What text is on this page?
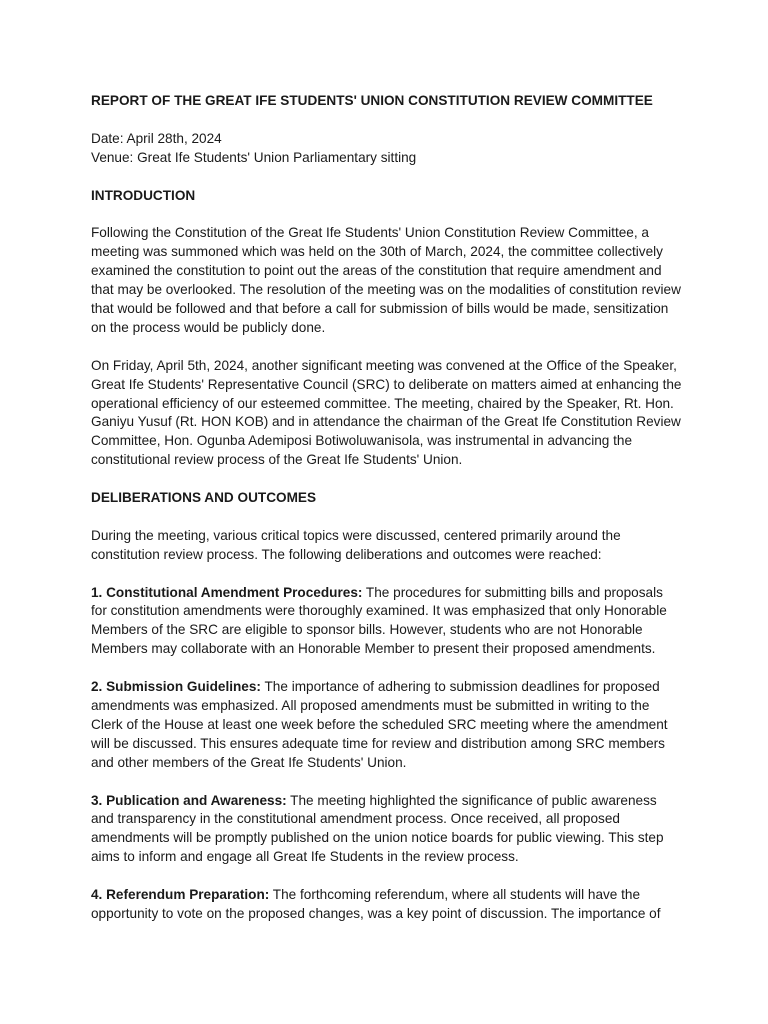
REPORT OF THE GREAT IFE STUDENTS' UNION CONSTITUTION REVIEW COMMITTEE

Date: April 28th, 2024

Venue: Great Ife Students' Union Parliamentary sitting

INTRODUCTION

Following the Constitution of the Great Ife Students' Union Constitution Review Committee, a meeting was summoned which was held on the 30th of March, 2024, the committee collectively examined the constitution to point out the areas of the constitution that require amendment and that may be overlooked. The resolution of the meeting was on the modalities of constitution review that would be followed and that before a call for submission of bills would be made, sensitization on the process would be publicly done.

On Friday, April 5th, 2024, another significant meeting was convened at the Office of the Speaker, Great Ife Students' Representative Council (SRC) to deliberate on matters aimed at enhancing the operational efficiency of our esteemed committee. The meeting, chaired by the Speaker, Rt. Hon. Ganiyu Yusuf (Rt. HON KOB) and in attendance the chairman of the Great Ife Constitution Review Committee, Hon. Ogunba Ademiposi Botiwoluwanisola, was instrumental in advancing the constitutional review process of the Great Ife Students' Union.

DELIBERATIONS AND OUTCOMES

During the meeting, various critical topics were discussed, centered primarily around the constitution review process. The following deliberations and outcomes were reached:

1. Constitutional Amendment Procedures: The procedures for submitting bills and proposals for constitution amendments were thoroughly examined. It was emphasized that only Honorable Members of the SRC are eligible to sponsor bills. However, students who are not Honorable Members may collaborate with an Honorable Member to present their proposed amendments.

2. Submission Guidelines: The importance of adhering to submission deadlines for proposed amendments was emphasized. All proposed amendments must be submitted in writing to the Clerk of the House at least one week before the scheduled SRC meeting where the amendment will be discussed. This ensures adequate time for review and distribution among SRC members and other members of the Great Ife Students' Union.

3. Publication and Awareness: The meeting highlighted the significance of public awareness and transparency in the constitutional amendment process. Once received, all proposed amendments will be promptly published on the union notice boards for public viewing. This step aims to inform and engage all Great Ife Students in the review process.

4. Referendum Preparation: The forthcoming referendum, where all students will have the opportunity to vote on the proposed changes, was a key point of discussion. The importance of
